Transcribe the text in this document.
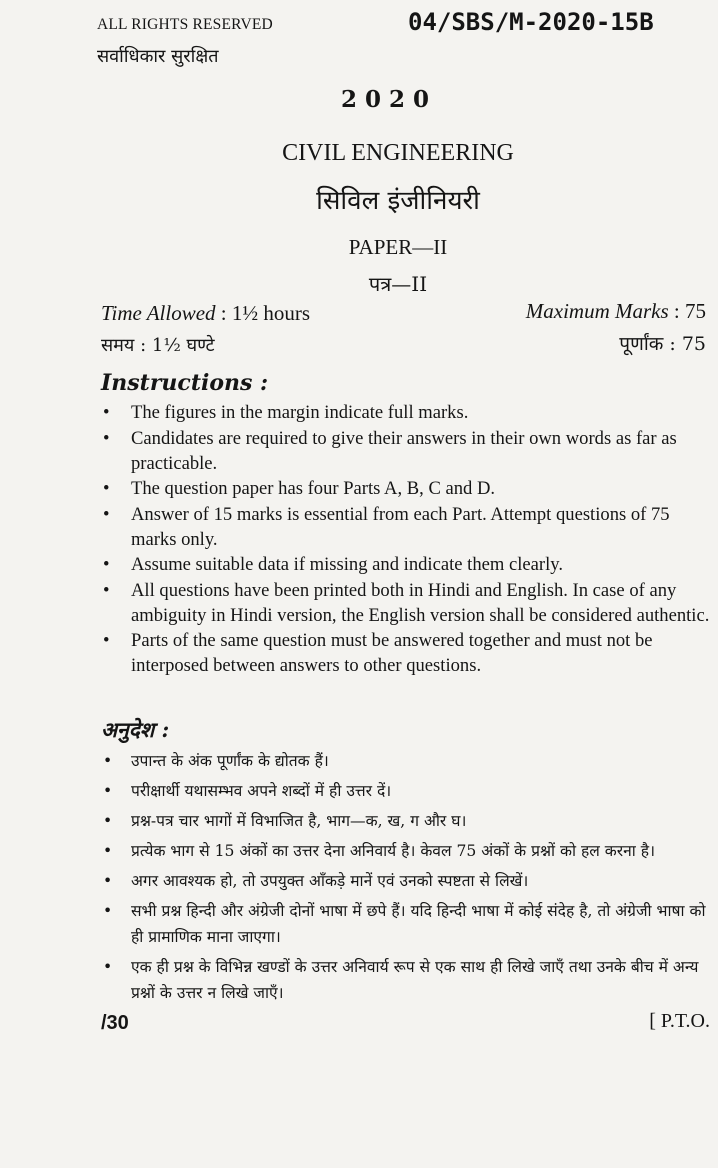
ALL RIGHTS RESERVED
सर्वाधिकार सुरक्षित
04/SBS/M-2020-15B
2020
CIVIL ENGINEERING
सिविल इंजीनियरी
PAPER—II
पत्र—II
Time Allowed : 1½ hours
समय : 1½ घण्टे
Maximum Marks : 75
पूर्णांक : 75
Instructions :
• The figures in the margin indicate full marks.
• Candidates are required to give their answers in their own words as far as practicable.
• The question paper has four Parts A, B, C and D.
• Answer of 15 marks is essential from each Part. Attempt questions of 75 marks only.
• Assume suitable data if missing and indicate them clearly.
• All questions have been printed both in Hindi and English. In case of any ambiguity in Hindi version, the English version shall be considered authentic.
• Parts of the same question must be answered together and must not be interposed between answers to other questions.
अनुदेश :
• उपान्त के अंक पूर्णांक के द्योतक हैं।
• परीक्षार्थी यथासम्भव अपने शब्दों में ही उत्तर दें।
• प्रश्न-पत्र चार भागों में विभाजित है, भाग—क, ख, ग और घ।
• प्रत्येक भाग से 15 अंकों का उत्तर देना अनिवार्य है। केवल 75 अंकों के प्रश्नों को हल करना है।
• अगर आवश्यक हो, तो उपयुक्त आँकड़े मानें एवं उनको स्पष्टता से लिखें।
• सभी प्रश्न हिन्दी और अंग्रेजी दोनों भाषा में छपे हैं। यदि हिन्दी भाषा में कोई संदेह है, तो अंग्रेजी भाषा को ही प्रामाणिक माना जाएगा।
• एक ही प्रश्न के विभिन्न खण्डों के उत्तर अनिवार्य रूप से एक साथ ही लिखे जाएँ तथा उनके बीच में अन्य प्रश्नों के उत्तर न लिखे जाएँ।
/30	[ P.T.O.
